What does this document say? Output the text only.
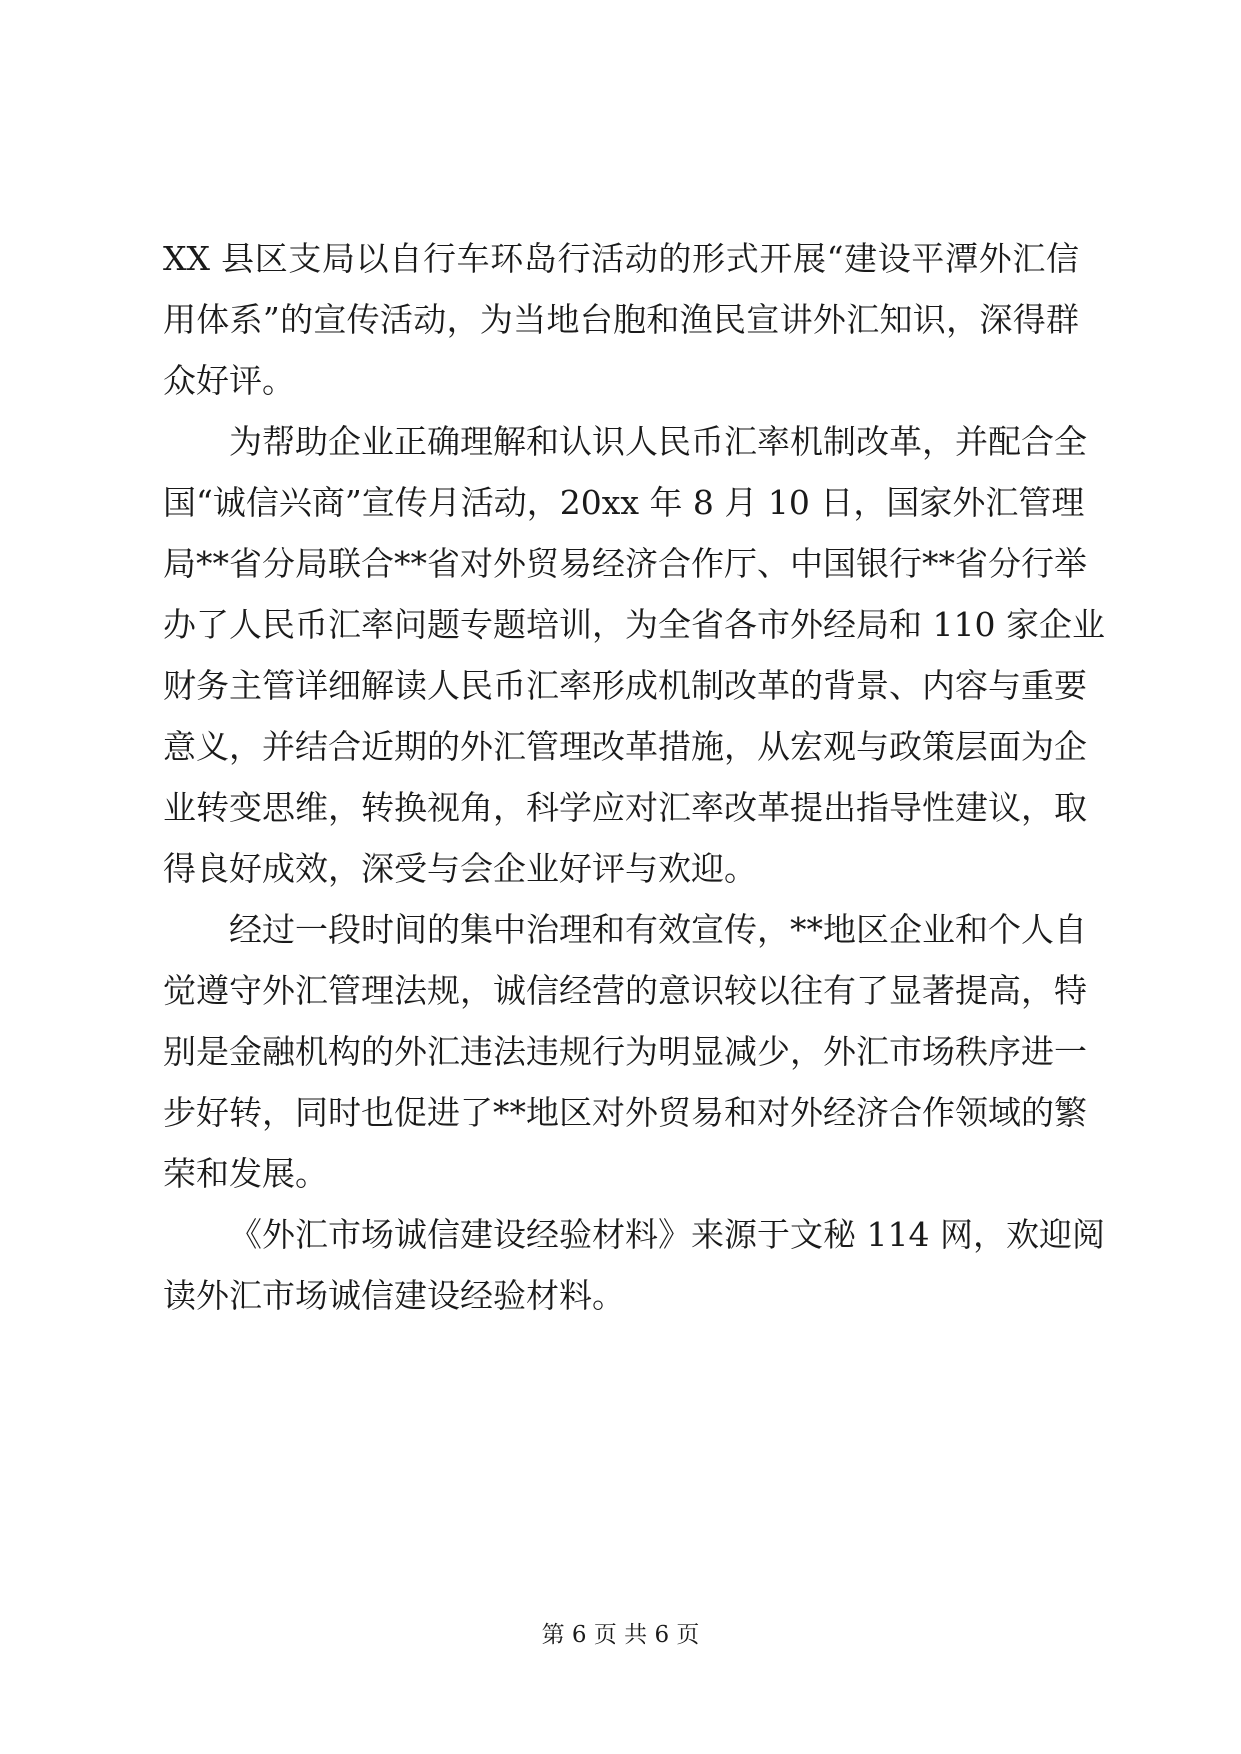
XX 县区支局以自行车环岛行活动的形式开展“建设平潭外汇信
用体系”的宣传活动，为当地台胞和渔民宣讲外汇知识，深得群
众好评。
为帮助企业正确理解和认识人民币汇率机制改革，并配合全
国“诚信兴商”宣传月活动，20xx 年 8 月 10 日，国家外汇管理
局**省分局联合**省对外贸易经济合作厅、中国银行**省分行举
办了人民币汇率问题专题培训，为全省各市外经局和 110 家企业
财务主管详细解读人民币汇率形成机制改革的背景、内容与重要
意义，并结合近期的外汇管理改革措施，从宏观与政策层面为企
业转变思维，转换视角，科学应对汇率改革提出指导性建议，取
得良好成效，深受与会企业好评与欢迎。
经过一段时间的集中治理和有效宣传，**地区企业和个人自
觉遵守外汇管理法规，诚信经营的意识较以往有了显著提高，特
别是金融机构的外汇违法违规行为明显减少，外汇市场秩序进一
步好转，同时也促进了**地区对外贸易和对外经济合作领域的繁
荣和发展。
《外汇市场诚信建设经验材料》来源于文秘 114 网，欢迎阅
读外汇市场诚信建设经验材料。
第 6 页 共 6 页
